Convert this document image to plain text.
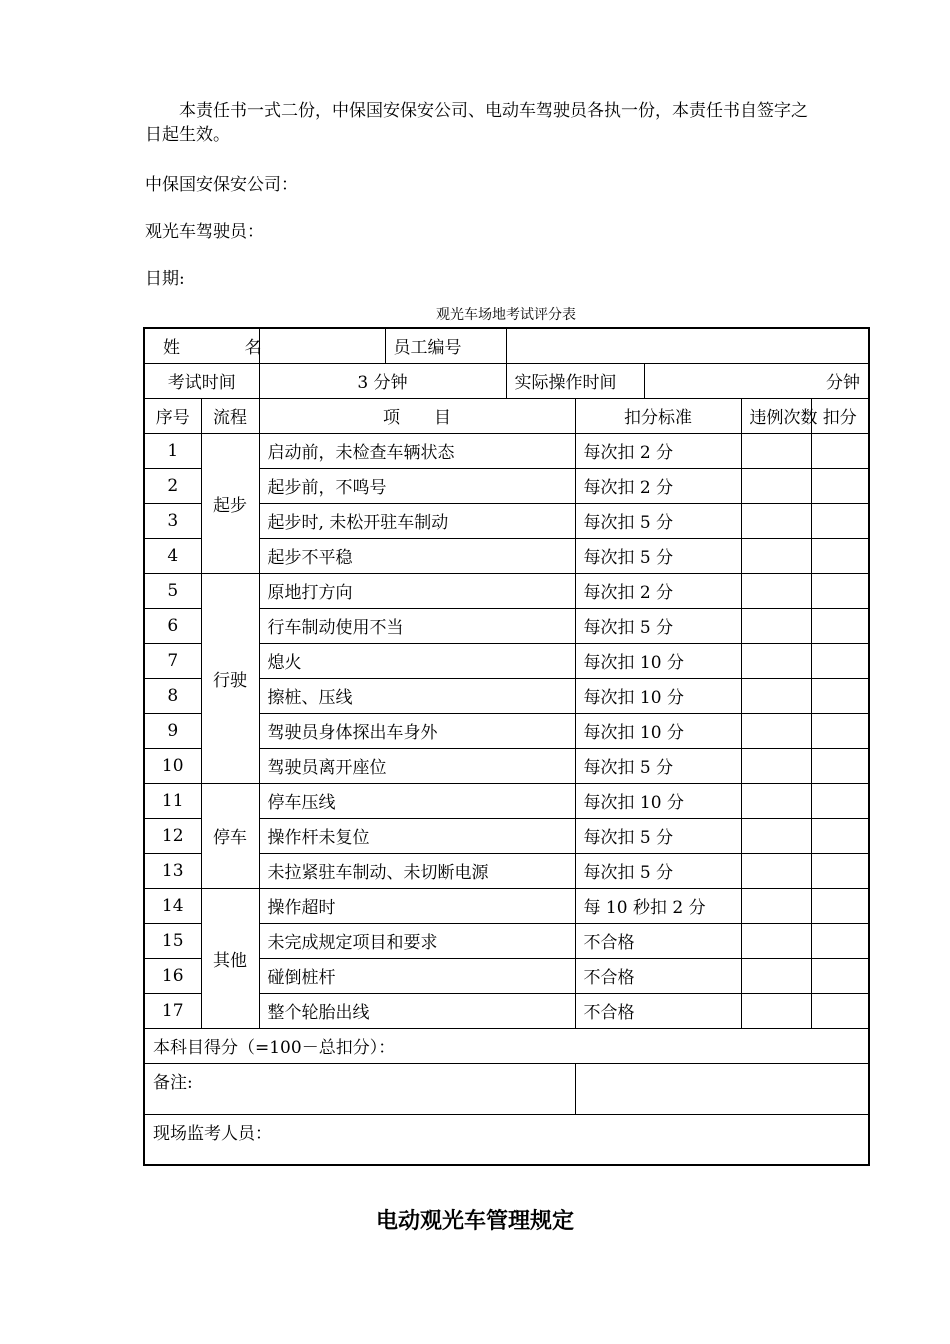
本责任书一式二份，中保国安保安公司、电动车驾驶员各执一份，本责任书自签字之日起生效。
中保国安保安公司：
观光车驾驶员：
日期:
观光车场地考试评分表
姓　名			员工编号					
考试时间		3 分钟		实际操作时间		分钟		
序号	流程	项　　目			扣分标准		违例次数	扣分
1	起步	启动前，未检查车辆状态			每次扣 2 分			
2		起步前，不鸣号			每次扣 2 分			
3		起步时, 未松开驻车制动			每次扣 5 分			
4		起步不平稳			每次扣 5 分			
5	行驶	原地打方向			每次扣 2 分			
6		行车制动使用不当			每次扣 5 分			
7		熄火			每次扣 10 分			
8		擦桩、压线			每次扣 10 分			
9		驾驶员身体探出车身外			每次扣 10 分			
10		驾驶员离开座位			每次扣 5 分			
11	停车	停车压线			每次扣 10 分			
12		操作杆未复位			每次扣 5 分			
13		未拉紧驻车制动、未切断电源			每次扣 5 分			
14	其他	操作超时			每 10 秒扣 2 分			
15		未完成规定项目和要求			不合格			
16		碰倒桩杆			不合格			
17		整个轮胎出线			不合格			
本科目得分（=100－总扣分）：								
备注:								
现场监考人员：								
电动观光车管理规定
